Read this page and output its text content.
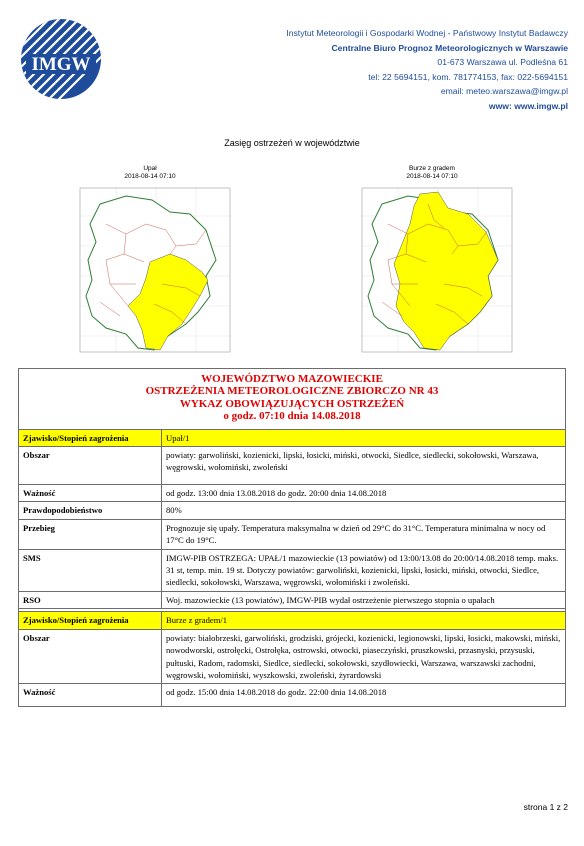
IMGW
Instytut Meteorologii i Gospodarki Wodnej - Państwowy Instytut Badawczy
Centralne Biuro Prognoz Meteorologicznych w Warszawie
01-673 Warszawa ul. Podleśna 61
tel: 22 5694151, kom. 781774153, fax: 022-5694151
email: meteo.warszawa@imgw.pl
www: www.imgw.pl
Zasięg ostrzeżeń w województwie
Upał
2018-08-14 07:10
Burze z gradem
2018-08-14 07:10
WOJEWÓDZTWO MAZOWIECKIE
OSTRZEŻENIA METEOROLOGICZNE ZBIORCZO NR 43
WYKAZ OBOWIĄZUJĄCYCH OSTRZEŻEŃ
o godz. 07:10 dnia 14.08.2018	

Zjawisko/Stopień zagrożenia	Upał/1
Obszar	powiaty: garwoliński, kozienicki, lipski, łosicki, miński, otwocki, Siedlce, siedlecki, sokołowski, Warszawa, węgrowski, wołomiński, zwoleński
Ważność	od godz. 13:00 dnia 13.08.2018 do godz. 20:00 dnia 14.08.2018
Prawdopodobieństwo	80%
Przebieg	Prognozuje się upały. Temperatura maksymalna w dzień od 29°C do 31°C. Temperatura minimalna w nocy od 17°C do 19°C.
SMS	IMGW-PIB OSTRZEGA: UPAŁ/1 mazowieckie (13 powiatów) od 13:00/13.08 do 20:00/14.08.2018 temp. maks. 31 st, temp. min. 19 st. Dotyczy powiatów: garwoliński, kozienicki, lipski, łosicki, miński, otwocki, Siedlce, siedlecki, sokołowski, Warszawa, węgrowski, wołomiński i zwoleński.
RSO	Woj. mazowieckie (13 powiatów), IMGW-PIB wydał ostrzeżenie pierwszego stopnia o upałach

Zjawisko/Stopień zagrożenia	Burze z gradem/1
Obszar	powiaty: białobrzeski, garwoliński, grodziski, grójecki, kozienicki, legionowski, lipski, łosicki, makowski, miński, nowodworski, ostrołęcki, Ostrołęka, ostrowski, otwocki, piaseczyński, pruszkowski, przasnyski, przysuski, pułtuski, Radom, radomski, Siedlce, siedlecki, sokołowski, szydłowiecki, Warszawa, warszawski zachodni, węgrowski, wołomiński, wyszkowski, zwoleński, żyrardowski
Ważność	od godz. 15:00 dnia 14.08.2018 do godz. 22:00 dnia 14.08.2018
strona 1 z 2
